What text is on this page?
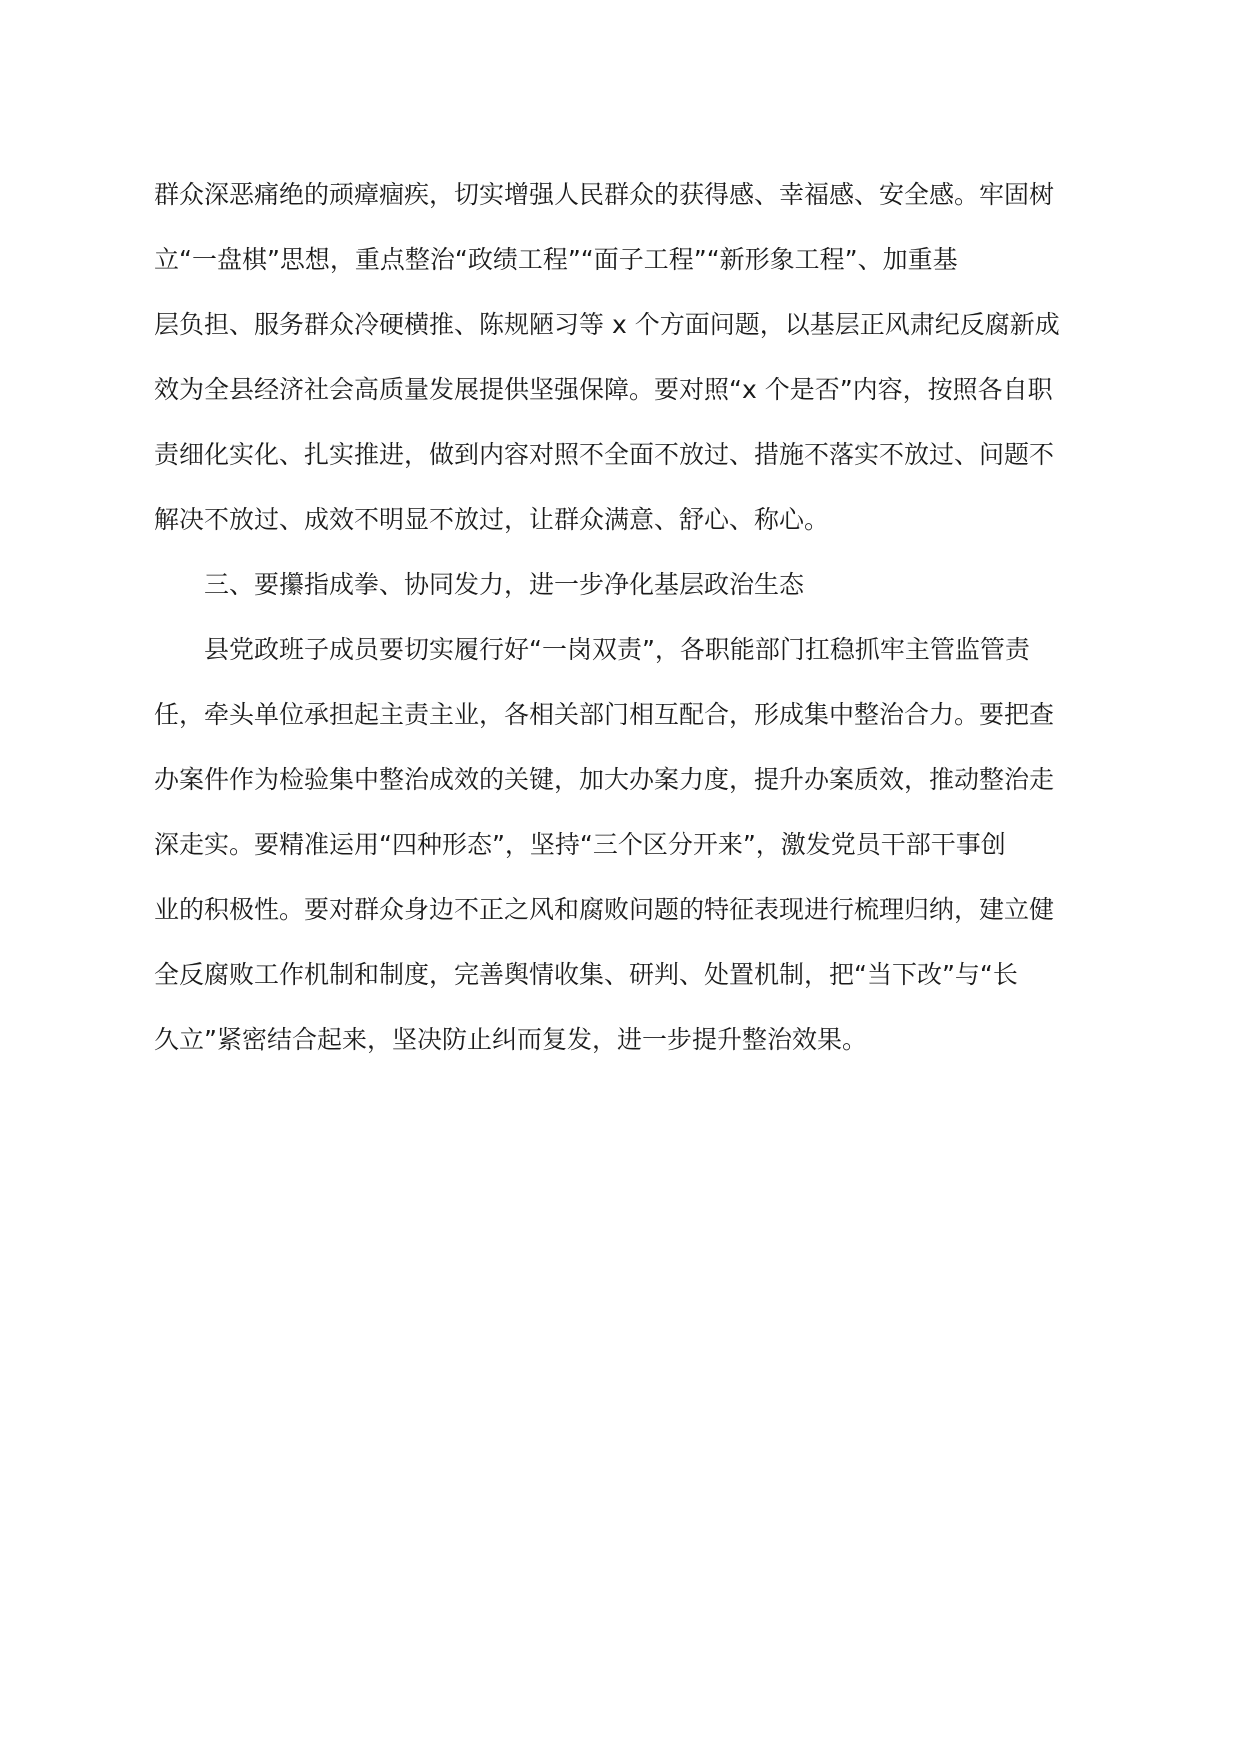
群众深恶痛绝的顽瘴痼疾，切实增强人民群众的获得感、幸福感、安全感。牢固树
立“一盘棋”思想，重点整治“政绩工程”“面子工程”“新形象工程”、加重基
层负担、服务群众冷硬横推、陈规陋习等 x 个方面问题，以基层正风肃纪反腐新成
效为全县经济社会高质量发展提供坚强保障。要对照“x 个是否”内容，按照各自职
责细化实化、扎实推进，做到内容对照不全面不放过、措施不落实不放过、问题不
解决不放过、成效不明显不放过，让群众满意、舒心、称心。
三、要攥指成拳、协同发力，进一步净化基层政治生态
县党政班子成员要切实履行好“一岗双责”，各职能部门扛稳抓牢主管监管责
任，牵头单位承担起主责主业，各相关部门相互配合，形成集中整治合力。要把查
办案件作为检验集中整治成效的关键，加大办案力度，提升办案质效，推动整治走
深走实。要精准运用“四种形态”，坚持“三个区分开来”，激发党员干部干事创
业的积极性。要对群众身边不正之风和腐败问题的特征表现进行梳理归纳，建立健
全反腐败工作机制和制度，完善舆情收集、研判、处置机制，把“当下改”与“长
久立”紧密结合起来，坚决防止纠而复发，进一步提升整治效果。
